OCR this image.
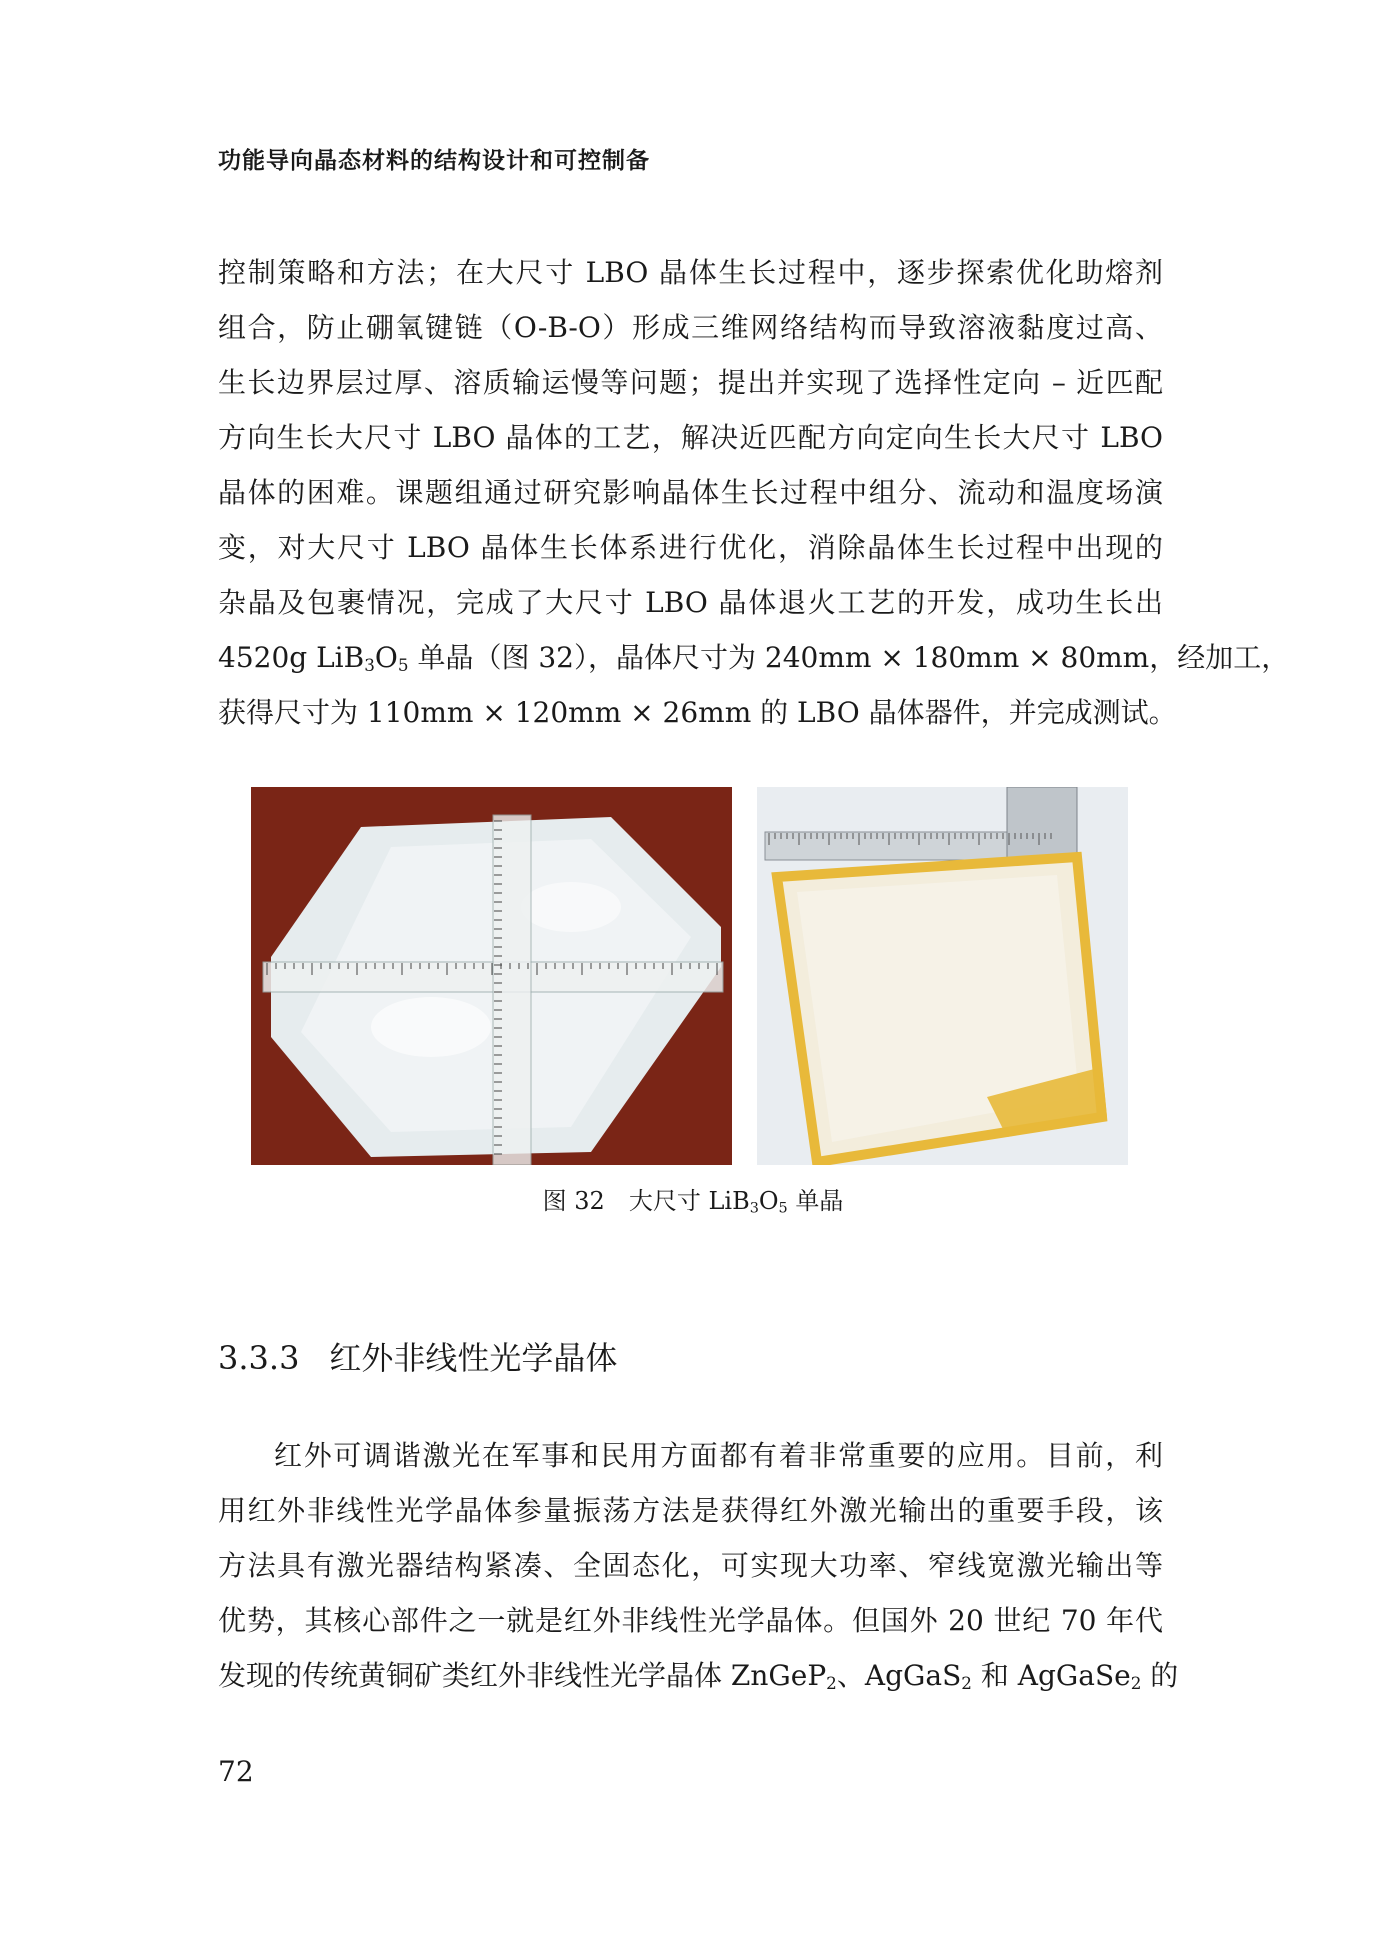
功能导向晶态材料的结构设计和可控制备
控制策略和方法；在大尺寸 LBO 晶体生长过程中，逐步探索优化助熔剂
组合，防止硼氧键链（O-B-O）形成三维网络结构而导致溶液黏度过高、
生长边界层过厚、溶质输运慢等问题；提出并实现了选择性定向 – 近匹配
方向生长大尺寸 LBO 晶体的工艺，解决近匹配方向定向生长大尺寸 LBO
晶体的困难。课题组通过研究影响晶体生长过程中组分、流动和温度场演
变，对大尺寸 LBO 晶体生长体系进行优化，消除晶体生长过程中出现的
杂晶及包裹情况，完成了大尺寸 LBO 晶体退火工艺的开发，成功生长出
4520g $LiB_3O_5$ 单晶（图 32），晶体尺寸为 240mm × 180mm × 80mm，经加工，
获得尺寸为 110mm × 120mm × 26mm 的 LBO 晶体器件，并完成测试。
图 32　大尺寸 $LiB_3O_5$ 单晶
3.3.3 红外非线性光学晶体
红外可调谐激光在军事和民用方面都有着非常重要的应用。目前，利
用红外非线性光学晶体参量振荡方法是获得红外激光输出的重要手段，该
方法具有激光器结构紧凑、全固态化，可实现大功率、窄线宽激光输出等
优势，其核心部件之一就是红外非线性光学晶体。但国外 20 世纪 70 年代
发现的传统黄铜矿类红外非线性光学晶体 ZnGeP$_2$、AgGaS$_2$ 和 AgGaSe$_2$ 的
72
